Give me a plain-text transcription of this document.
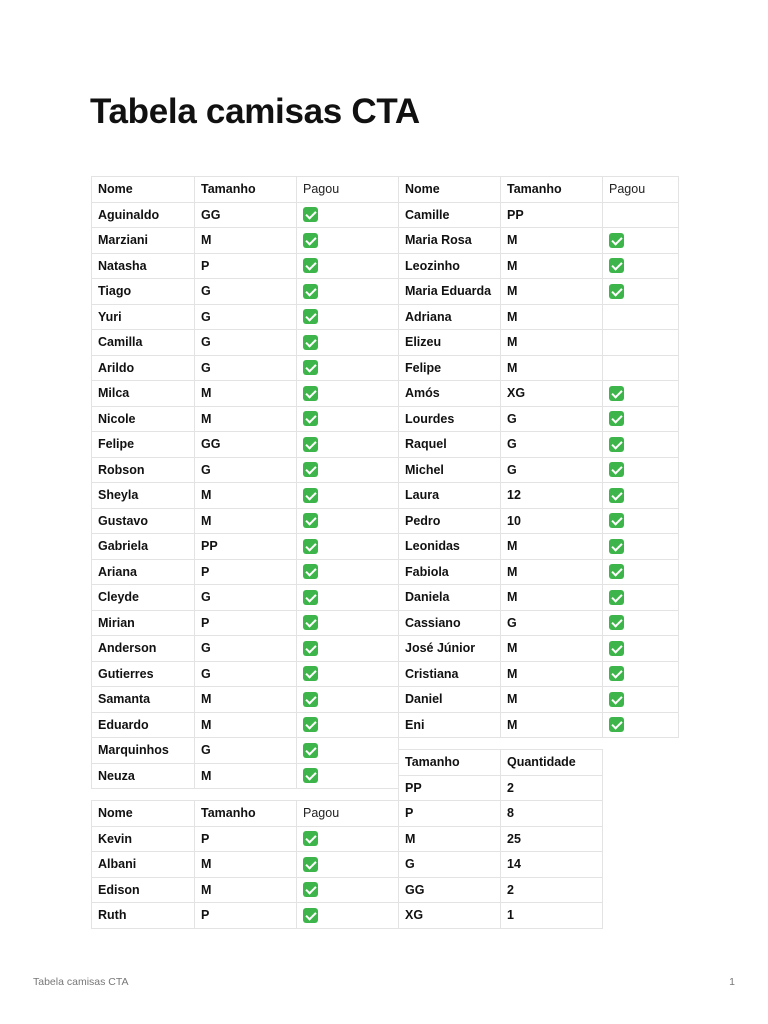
Tabela camisas CTA
Nome	Tamanho	Pagou
Aguinaldo	GG	
Marziani	M	
Natasha	P	
Tiago	G	
Yuri	G	
Camilla	G	
Arildo	G	
Milca	M	
Nicole	M	
Felipe	GG	
Robson	G	
Sheyla	M	
Gustavo	M	
Gabriela	PP	
Ariana	P	
Cleyde	G	
Mirian	P	
Anderson	G	
Gutierres	G	
Samanta	M	
Eduardo	M	
Marquinhos	G	
Neuza	M	
Nome	Tamanho	Pagou
Camille	PP	
Maria Rosa	M	
Leozinho	M	
Maria Eduarda	M	
Adriana	M	
Elizeu	M	
Felipe	M	
Amós	XG	
Lourdes	G	
Raquel	G	
Michel	G	
Laura	12	
Pedro	10	
Leonidas	M	
Fabiola	M	
Daniela	M	
Cassiano	G	
José Júnior	M	
Cristiana	M	
Daniel	M	
Eni	M	
Nome	Tamanho	Pagou
Kevin	P	
Albani	M	
Edison	M	
Ruth	P	
Tamanho	Quantidade
PP	2
P	8
M	25
G	14
GG	2
XG	1
Tabela camisas CTA	1
